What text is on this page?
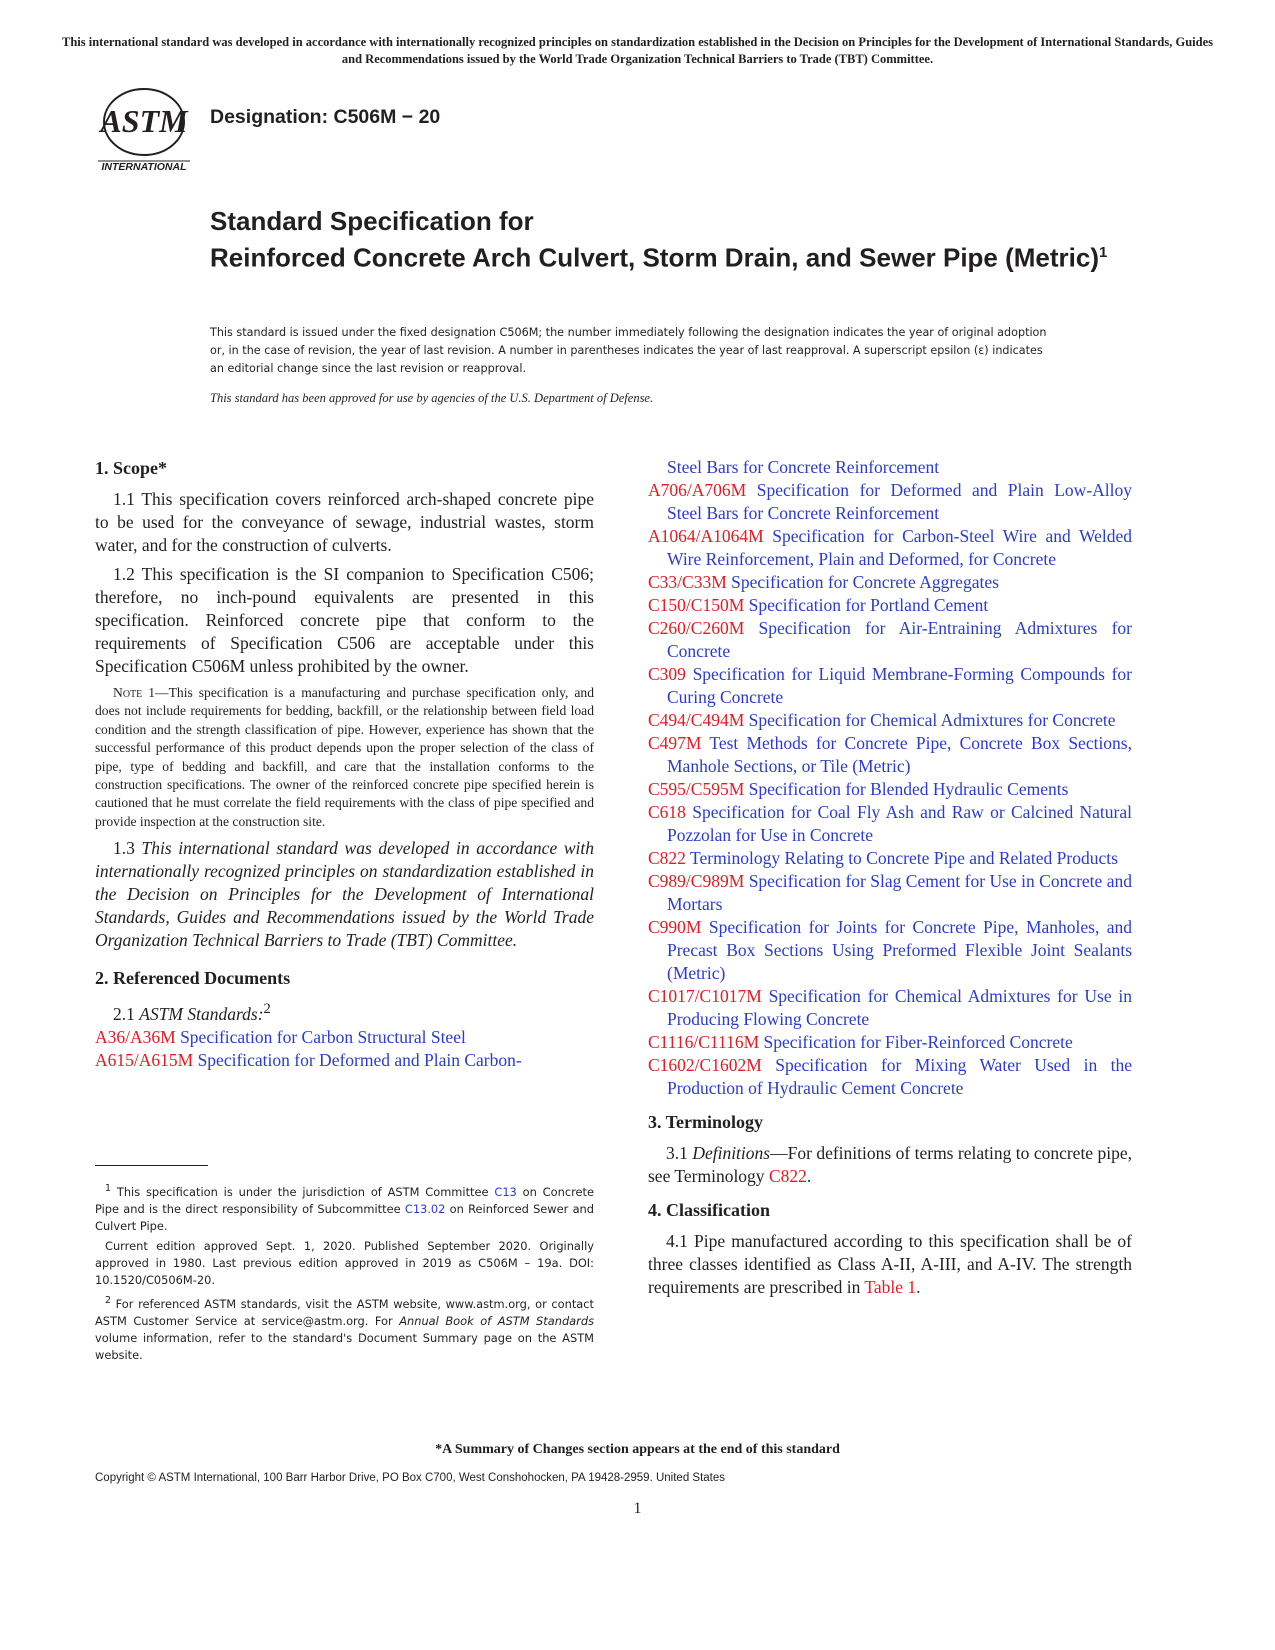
This international standard was developed in accordance with internationally recognized principles on standardization established in the Decision on Principles for the Development of International Standards, Guides and Recommendations issued by the World Trade Organization Technical Barriers to Trade (TBT) Committee.
ASTM
INTERNATIONAL
Designation: C506M − 20
Standard Specification for
Reinforced Concrete Arch Culvert, Storm Drain, and Sewer Pipe (Metric)$^1$
This standard is issued under the fixed designation C506M; the number immediately following the designation indicates the year of original adoption or, in the case of revision, the year of last revision. A number in parentheses indicates the year of last reapproval. A superscript epsilon (ε) indicates an editorial change since the last revision or reapproval.
This standard has been approved for use by agencies of the U.S. Department of Defense.
1. Scope*

1.1 This specification covers reinforced arch-shaped concrete pipe to be used for the conveyance of sewage, industrial wastes, storm water, and for the construction of culverts.

1.2 This specification is the SI companion to Specification C506; therefore, no inch-pound equivalents are presented in this specification. Reinforced concrete pipe that conform to the requirements of Specification C506 are acceptable under this Specification C506M unless prohibited by the owner.

Note 1—This specification is a manufacturing and purchase specification only, and does not include requirements for bedding, backfill, or the relationship between field load condition and the strength classification of pipe. However, experience has shown that the successful performance of this product depends upon the proper selection of the class of pipe, type of bedding and backfill, and care that the installation conforms to the construction specifications. The owner of the reinforced concrete pipe specified herein is cautioned that he must correlate the field requirements with the class of pipe specified and provide inspection at the construction site.

1.3 This international standard was developed in accordance with internationally recognized principles on standardization established in the Decision on Principles for the Development of International Standards, Guides and Recommendations issued by the World Trade Organization Technical Barriers to Trade (TBT) Committee.

2. Referenced Documents
2.1 ASTM Standards:$^2$
A36/A36M Specification for Carbon Structural Steel
A615/A615M Specification for Deformed and Plain Carbon-

$^1$ This specification is under the jurisdiction of ASTM Committee C13 on Concrete Pipe and is the direct responsibility of Subcommittee C13.02 on Reinforced Sewer and Culvert Pipe.

Current edition approved Sept. 1, 2020. Published September 2020. Originally approved in 1980. Last previous edition approved in 2019 as C506M – 19a. DOI: 10.1520/C0506M-20.

$^2$ For referenced ASTM standards, visit the ASTM website, www.astm.org, or contact ASTM Customer Service at service@astm.org. For Annual Book of ASTM Standards volume information, refer to the standard's Document Summary page on the ASTM website.

Steel Bars for Concrete Reinforcement
A706/A706M Specification for Deformed and Plain Low-Alloy Steel Bars for Concrete Reinforcement
A1064/A1064M Specification for Carbon-Steel Wire and Welded Wire Reinforcement, Plain and Deformed, for Concrete
C33/C33M Specification for Concrete Aggregates
C150/C150M Specification for Portland Cement
C260/C260M Specification for Air-Entraining Admixtures for Concrete
C309 Specification for Liquid Membrane-Forming Compounds for Curing Concrete
C494/C494M Specification for Chemical Admixtures for Concrete
C497M Test Methods for Concrete Pipe, Concrete Box Sections, Manhole Sections, or Tile (Metric)
C595/C595M Specification for Blended Hydraulic Cements
C618 Specification for Coal Fly Ash and Raw or Calcined Natural Pozzolan for Use in Concrete
C822 Terminology Relating to Concrete Pipe and Related Products
C989/C989M Specification for Slag Cement for Use in Concrete and Mortars
C990M Specification for Joints for Concrete Pipe, Manholes, and Precast Box Sections Using Preformed Flexible Joint Sealants (Metric)
C1017/C1017M Specification for Chemical Admixtures for Use in Producing Flowing Concrete
C1116/C1116M Specification for Fiber-Reinforced Concrete
C1602/C1602M Specification for Mixing Water Used in the Production of Hydraulic Cement Concrete
3. Terminology

3.1 Definitions—For definitions of terms relating to concrete pipe, see Terminology C822.

4. Classification

4.1 Pipe manufactured according to this specification shall be of three classes identified as Class A-II, A-III, and A-IV. The strength requirements are prescribed in Table 1.

*A Summary of Changes section appears at the end of this standard
Copyright © ASTM International, 100 Barr Harbor Drive, PO Box C700, West Conshohocken, PA 19428-2959. United States
1
